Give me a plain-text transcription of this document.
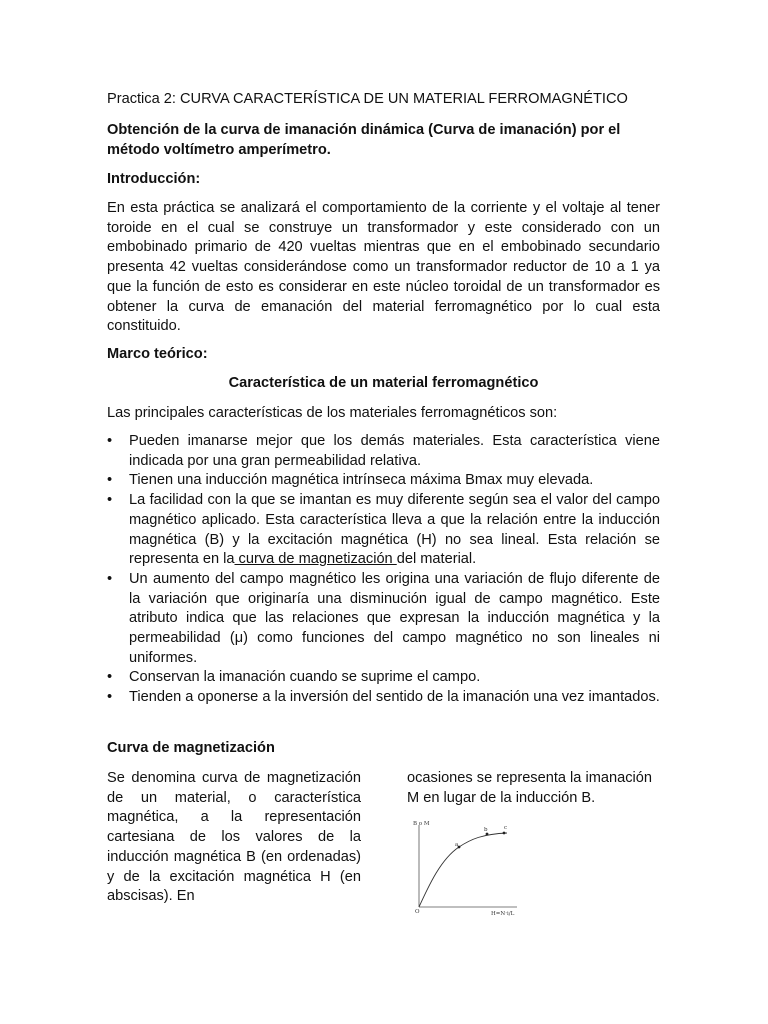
Practica 2: CURVA CARACTERÍSTICA DE UN MATERIAL FERROMAGNÉTICO
Obtención de la curva de imanación dinámica (Curva de imanación) por el método voltímetro amperímetro.
Introducción:
En esta práctica se analizará el comportamiento de la corriente y el voltaje al tener toroide en el cual se construye un transformador y este considerado con un embobinado primario de 420 vueltas mientras que en el embobinado secundario presenta 42 vueltas considerándose como un transformador reductor de 10 a 1 ya que la función de esto es considerar en este núcleo toroidal de un transformador es obtener la curva de emanación del material ferromagnético por lo cual esta constituido.
Marco teórico:
Característica de un material ferromagnético
Las principales características de los materiales ferromagnéticos son:
•	Pueden imanarse mejor que los demás materiales. Esta característica viene indicada por una gran permeabilidad relativa.
•	Tienen una inducción magnética intrínseca máxima Bmax muy elevada.
•	La facilidad con la que se imantan es muy diferente según sea el valor del campo magnético aplicado. Esta característica lleva a que la relación entre la inducción magnética (B) y la excitación magnética (H) no sea lineal. Esta relación se representa en la curva de magnetización del material.
•	Un aumento del campo magnético les origina una variación de flujo diferente de la variación que originaría una disminución igual de campo magnético. Este atributo indica que las relaciones que expresan la inducción magnética y la permeabilidad (μ) como funciones del campo magnético no son lineales ni uniformes.
•	Conservan la imanación cuando se suprime el campo.
•	Tienden a oponerse a la inversión del sentido de la imanación una vez imantados.
Curva de magnetización
Se denomina curva de magnetización de un material, o característica magnética, a la representación cartesiana de los valores de la inducción magnética B (en ordenadas) y de la excitación magnética H (en abscisas). En
ocasiones se representa la imanación M en lugar de la inducción B.
B o M
H=N·i/L
O
a
b	c
